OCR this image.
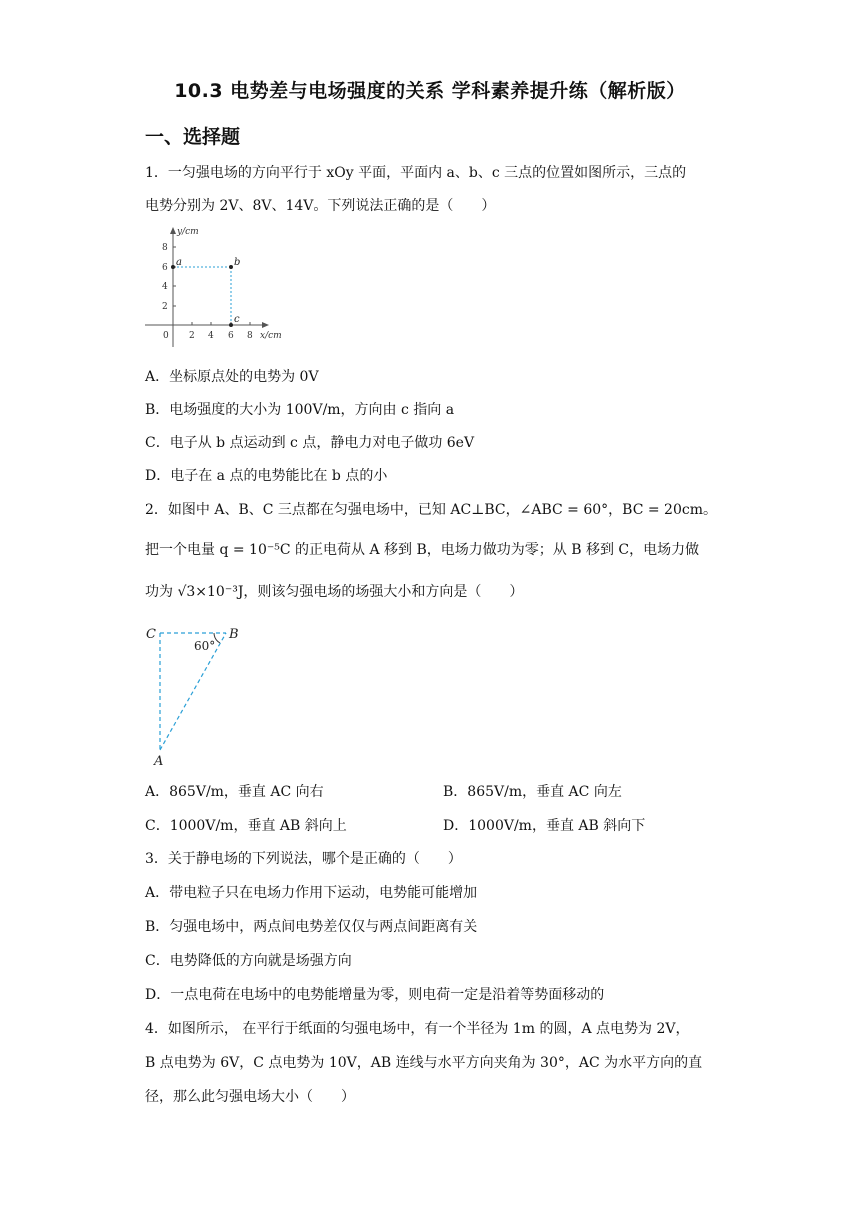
10.3 电势差与电场强度的关系 学科素养提升练（解析版）
一、选择题
1．一匀强电场的方向平行于 xOy 平面，平面内 a、b、c 三点的位置如图所示，三点的
电势分别为 2V、8V、14V。下列说法正确的是（　　）
y/cm
x/cm
0
2
4
6
8
2 4 6 8
a	b
c
A．坐标原点处的电势为 0V
B．电场强度的大小为 100V/m，方向由 c 指向 a
C．电子从 b 点运动到 c 点，静电力对电子做功 6eV
D．电子在 a 点的电势能比在 b 点的小
2．如图中 A、B、C 三点都在匀强电场中，已知 AC⊥BC，∠ABC = 60°，BC = 20cm。
把一个电量 q = 10⁻⁵C 的正电荷从 A 移到 B，电场力做功为零；从 B 移到 C，电场力做
功为 √3×10⁻³J，则该匀强电场的场强大小和方向是（　　）
C	B
A
60°
A．865V/m，垂直 AC 向右	B．865V/m，垂直 AC 向左
C．1000V/m，垂直 AB 斜向上	D．1000V/m，垂直 AB 斜向下
3．关于静电场的下列说法，哪个是正确的（　　）
A．带电粒子只在电场力作用下运动，电势能可能增加
B．匀强电场中，两点间电势差仅仅与两点间距离有关
C．电势降低的方向就是场强方向
D．一点电荷在电场中的电势能增量为零，则电荷一定是沿着等势面移动的
4．如图所示， 在平行于纸面的匀强电场中，有一个半径为 1m 的圆，A 点电势为 2V，
B 点电势为 6V，C 点电势为 10V，AB 连线与水平方向夹角为 30°，AC 为水平方向的直
径，那么此匀强电场大小（　　）
